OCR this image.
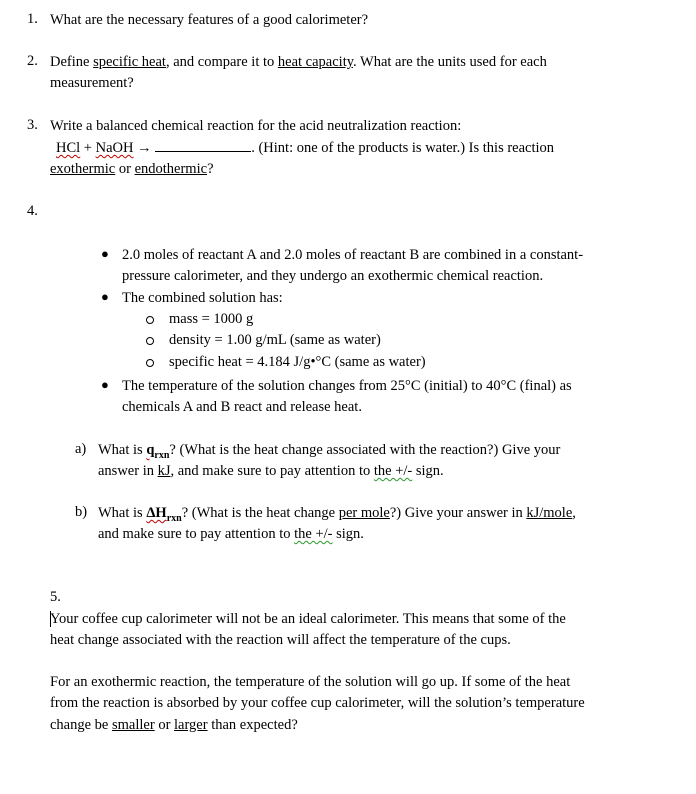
1. What are the necessary features of a good calorimeter?
2. Define specific heat, and compare it to heat capacity. What are the units used for each
measurement?
3. Write a balanced chemical reaction for the acid neutralization reaction:
HCl + NaOH →	. (Hint: one of the products is water.) Is this reaction
exothermic or endothermic?
4.
● 2.0 moles of reactant A and 2.0 moles of reactant B are combined in a constant-
pressure calorimeter, and they undergo an exothermic chemical reaction.
● The combined solution has:
mass = 1000 g
density = 1.00 g/mL (same as water)
specific heat = 4.184 J/g•°C (same as water)
● The temperature of the solution changes from 25°C (initial) to 40°C (final) as
chemicals A and B react and release heat.
a) What is $q_{rxn}$? (What is the heat change associated with the reaction?) Give your
answer in kJ, and make sure to pay attention to the +/- sign.
b) What is $\Delta H_{rxn}$? (What is the heat change per mole?) Give your answer in kJ/mole,
and make sure to pay attention to the +/- sign.
5.
Your coffee cup calorimeter will not be an ideal calorimeter. This means that some of the
heat change associated with the reaction will affect the temperature of the cups.
For an exothermic reaction, the temperature of the solution will go up. If some of the heat
from the reaction is absorbed by your coffee cup calorimeter, will the solution’s temperature
change be smaller or larger than expected?
